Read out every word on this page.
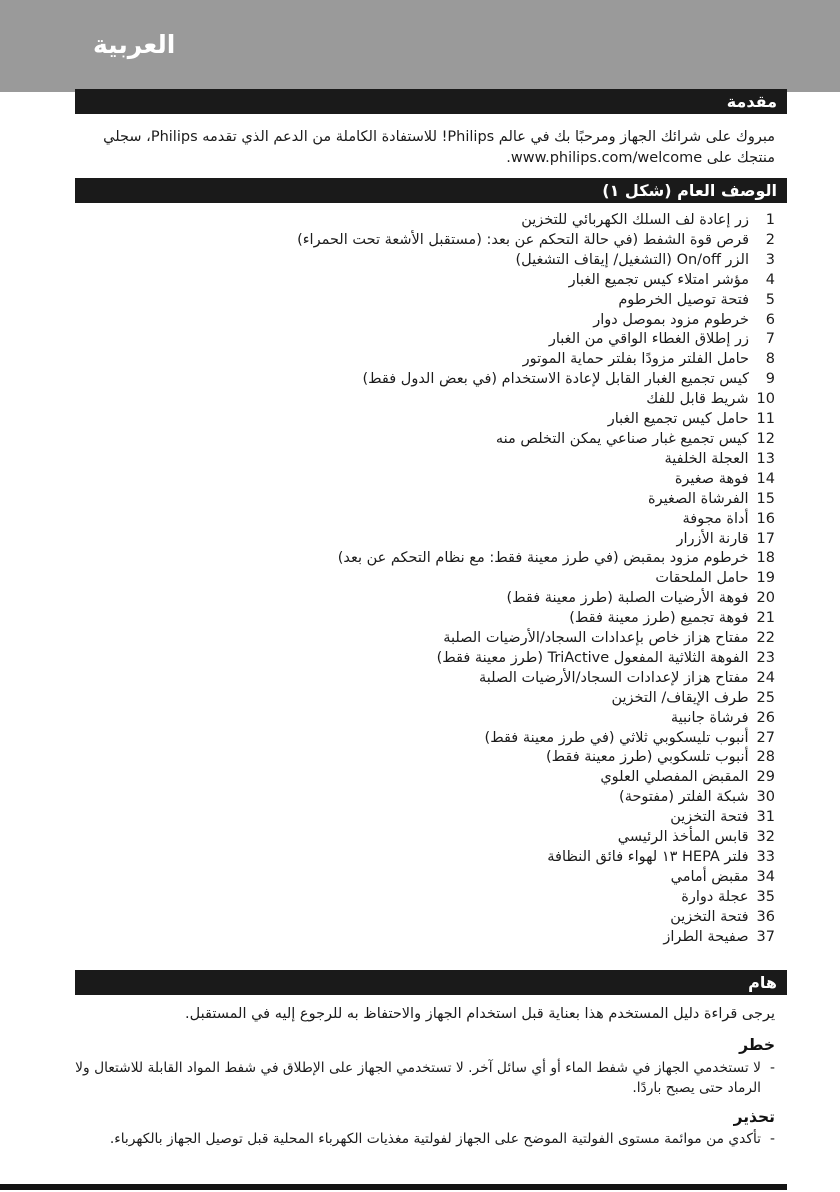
العربية
مقدمة

مبروك على شرائك الجهاز ومرحبًا بك في عالم Philips! للاستفادة الكاملة من الدعم الذي تقدمه Philips، سجلي منتجك على www.philips.com/welcome.

الوصف العام (شكل ١)
1
زر إعادة لف السلك الكهربائي للتخزين
2
قرص قوة الشفط (في حالة التحكم عن بعد: (مستقبل الأشعة تحت الحمراء)
3
الزر On/off (التشغيل/ إيقاف التشغيل)
4
مؤشر امتلاء كيس تجميع الغبار
5
فتحة توصيل الخرطوم
6
خرطوم مزود بموصل دوار
7
زر إطلاق الغطاء الواقي من الغبار
8
حامل الفلتر مزودًا بفلتر حماية الموتور
9
كيس تجميع الغبار القابل لإعادة الاستخدام (في بعض الدول فقط)
10
شريط قابل للفك
11
حامل كيس تجميع الغبار
12
كيس تجميع غبار صناعي يمكن التخلص منه
13
العجلة الخلفية
14
فوهة صغيرة
15
الفرشاة الصغيرة
16
أداة مجوفة
17
قارنة الأزرار
18
خرطوم مزود بمقبض (في طرز معينة فقط: مع نظام التحكم عن بعد)
19
حامل الملحقات
20
فوهة الأرضيات الصلبة (طرز معينة فقط)
21
فوهة تجميع (طرز معينة فقط)
22
مفتاح هزاز خاص بإعدادات السجاد/الأرضيات الصلبة
23
الفوهة الثلاثية المفعول TriActive (طرز معينة فقط)
24
مفتاح هزاز لإعدادات السجاد/الأرضيات الصلبة
25
طرف الإيقاف/ التخزين
26
فرشاة جانبية
27
أنبوب تليسكوبي ثلاثي (في طرز معينة فقط)
28
أنبوب تلسكوبي (طرز معينة فقط)
29
المقبض المفصلي العلوي
30
شبكة الفلتر (مفتوحة)
31
فتحة التخزين
32
قابس المأخذ الرئيسي
33
فلتر HEPA ١٣ لهواء فائق النظافة
34
مقبض أمامي
35
عجلة دوارة
36
فتحة التخزين
37
صفيحة الطراز
هام

يرجى قراءة دليل المستخدم هذا بعناية قبل استخدام الجهاز والاحتفاظ به للرجوع إليه في المستقبل.

خطر
-
لا تستخدمي الجهاز في شفط الماء أو أي سائل آخر. لا تستخدمي الجهاز على الإطلاق في شفط المواد القابلة للاشتعال ولا الرماد حتى يصبح باردًا.
تحذير
-
تأكدي من موائمة مستوى الفولتية الموضح على الجهاز لفولتية مغذيات الكهرباء المحلية قبل توصيل الجهاز بالكهرباء.
